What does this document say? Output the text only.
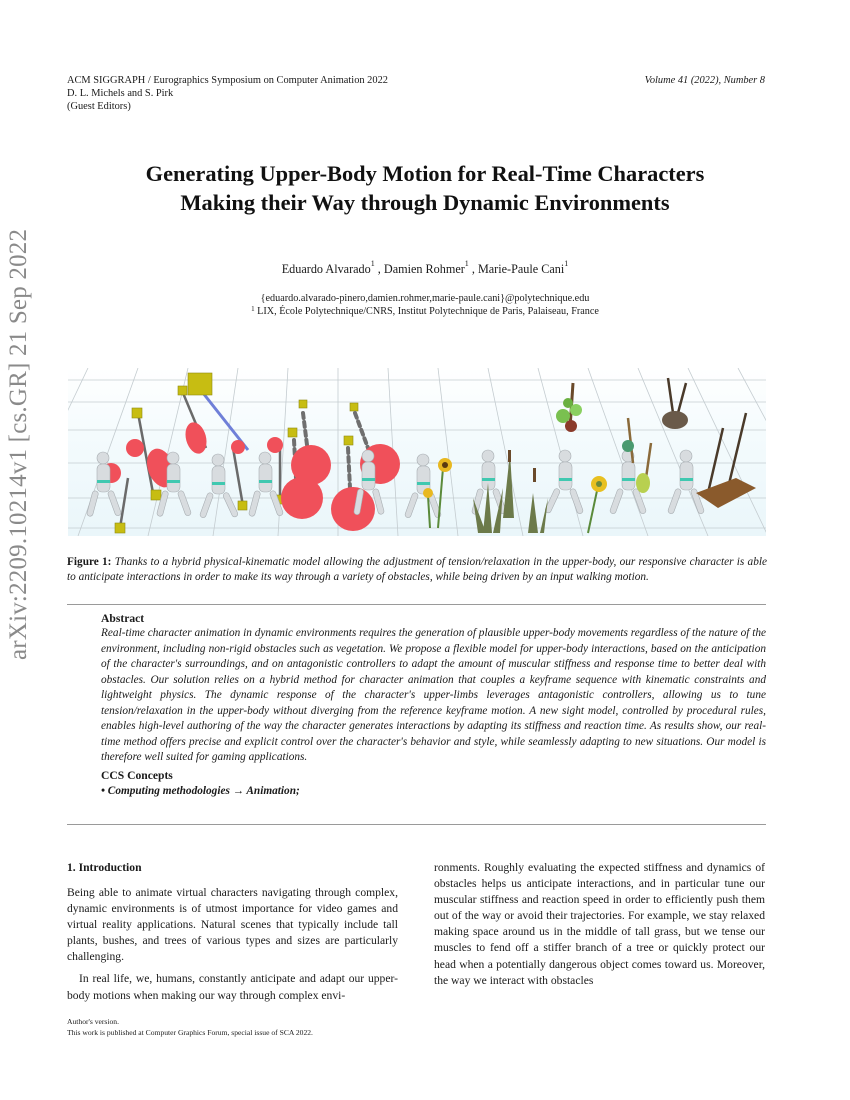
ACM SIGGRAPH / Eurographics Symposium on Computer Animation 2022
D. L. Michels and S. Pirk
(Guest Editors)
Volume 41 (2022), Number 8
arXiv:2209.10214v1 [cs.GR] 21 Sep 2022
Generating Upper-Body Motion for Real-Time Characters
Making their Way through Dynamic Environments
Eduardo Alvarado$^1$ , Damien Rohmer$^1$ , Marie-Paule Cani$^1$
{eduardo.alvarado-pinero,damien.rohmer,marie-paule.cani}@polytechnique.edu
$^1$ LIX, École Polytechnique/CNRS, Institut Polytechnique de Paris, Palaiseau, France
Figure 1: Thanks to a hybrid physical-kinematic model allowing the adjustment of tension/relaxation in the upper-body, our responsive character is able to anticipate interactions in order to make its way through a variety of obstacles, while being driven by an input walking motion.
Abstract

Real-time character animation in dynamic environments requires the generation of plausible upper-body movements regardless of the nature of the environment, including non-rigid obstacles such as vegetation. We propose a flexible model for upper-body interactions, based on the anticipation of the character's surroundings, and on antagonistic controllers to adapt the amount of muscular stiffness and response time to better deal with obstacles. Our solution relies on a hybrid method for character animation that couples a keyframe sequence with kinematic constraints and lightweight physics. The dynamic response of the character's upper-limbs leverages antagonistic controllers, allowing us to tune tension/relaxation in the upper-body without diverging from the reference keyframe motion. A new sight model, controlled by procedural rules, enables high-level authoring of the way the character generates interactions by adapting its stiffness and reaction time. As results show, our real-time method offers precise and explicit control over the character's behavior and style, while seamlessly adapting to new situations. Our model is therefore well suited for gaming applications.

CCS Concepts
• Computing methodologies → Animation;
1. Introduction

Being able to animate virtual characters navigating through complex, dynamic environments is of utmost importance for video games and virtual reality applications. Natural scenes that typically include tall plants, bushes, and trees of various types and sizes are particularly challenging.

In real life, we, humans, constantly anticipate and adapt our upper-body motions when making our way through complex envi-

ronments. Roughly evaluating the expected stiffness and dynamics of obstacles helps us anticipate interactions, and in particular tune our muscular stiffness and reaction speed in order to efficiently push them out of the way or avoid their trajectories. For example, we stay relaxed making space around us in the middle of tall grass, but we tense our muscles to fend off a stiffer branch of a tree or quickly protect our head when a potentially dangerous object comes toward us. Moreover, the way we interact with obstacles

Author's version.
This work is published at Computer Graphics Forum, special issue of SCA 2022.
